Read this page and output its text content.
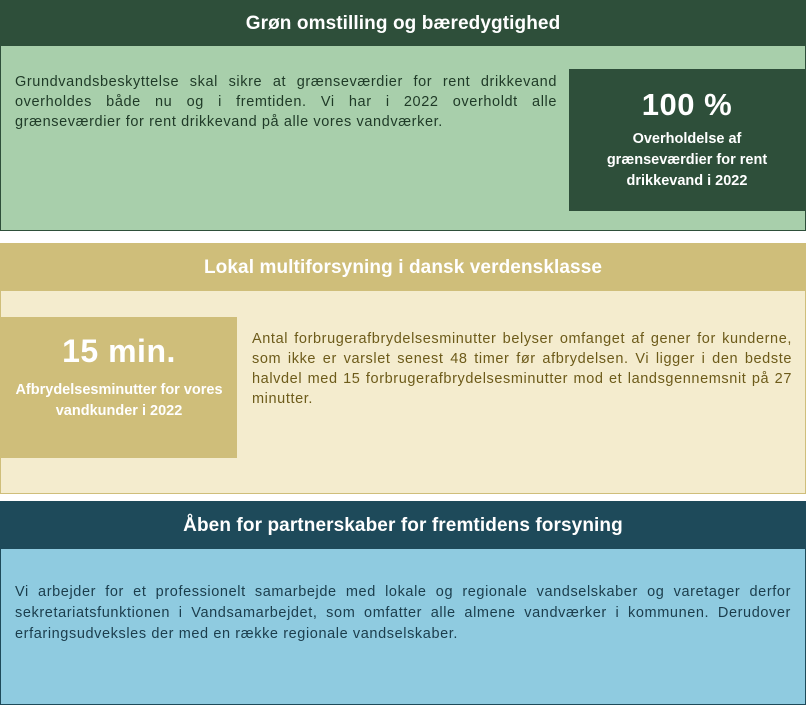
Grøn omstilling og bæredygtighed
Grundvandsbeskyttelse skal sikre at grænseværdier for rent drikkevand overholdes både nu og i fremtiden. Vi har i 2022 overholdt alle grænseværdier for rent drikkevand på alle vores vandværker.	100 %
Overholdelse af grænseværdier for rent drikkevand i 2022
Lokal multiforsyning i dansk verdensklasse
15 min.
Afbrydelsesminutter for vores vandkunder i 2022
Antal forbrugerafbrydelsesminutter belyser omfanget af gener for kunderne, som ikke er varslet senest 48 timer før afbrydelsen. Vi ligger i den bedste halvdel med 15 forbrugerafbrydelsesminutter mod et landsgennemsnit på 27 minutter.
Åben for partnerskaber for fremtidens forsyning
Vi arbejder for et professionelt samarbejde med lokale og regionale vandselskaber og varetager derfor sekretariatsfunktionen i Vandsamarbejdet, som omfatter alle almene vandværker i kommunen. Derudover erfaringsudveksles der med en række regionale vandselskaber.
